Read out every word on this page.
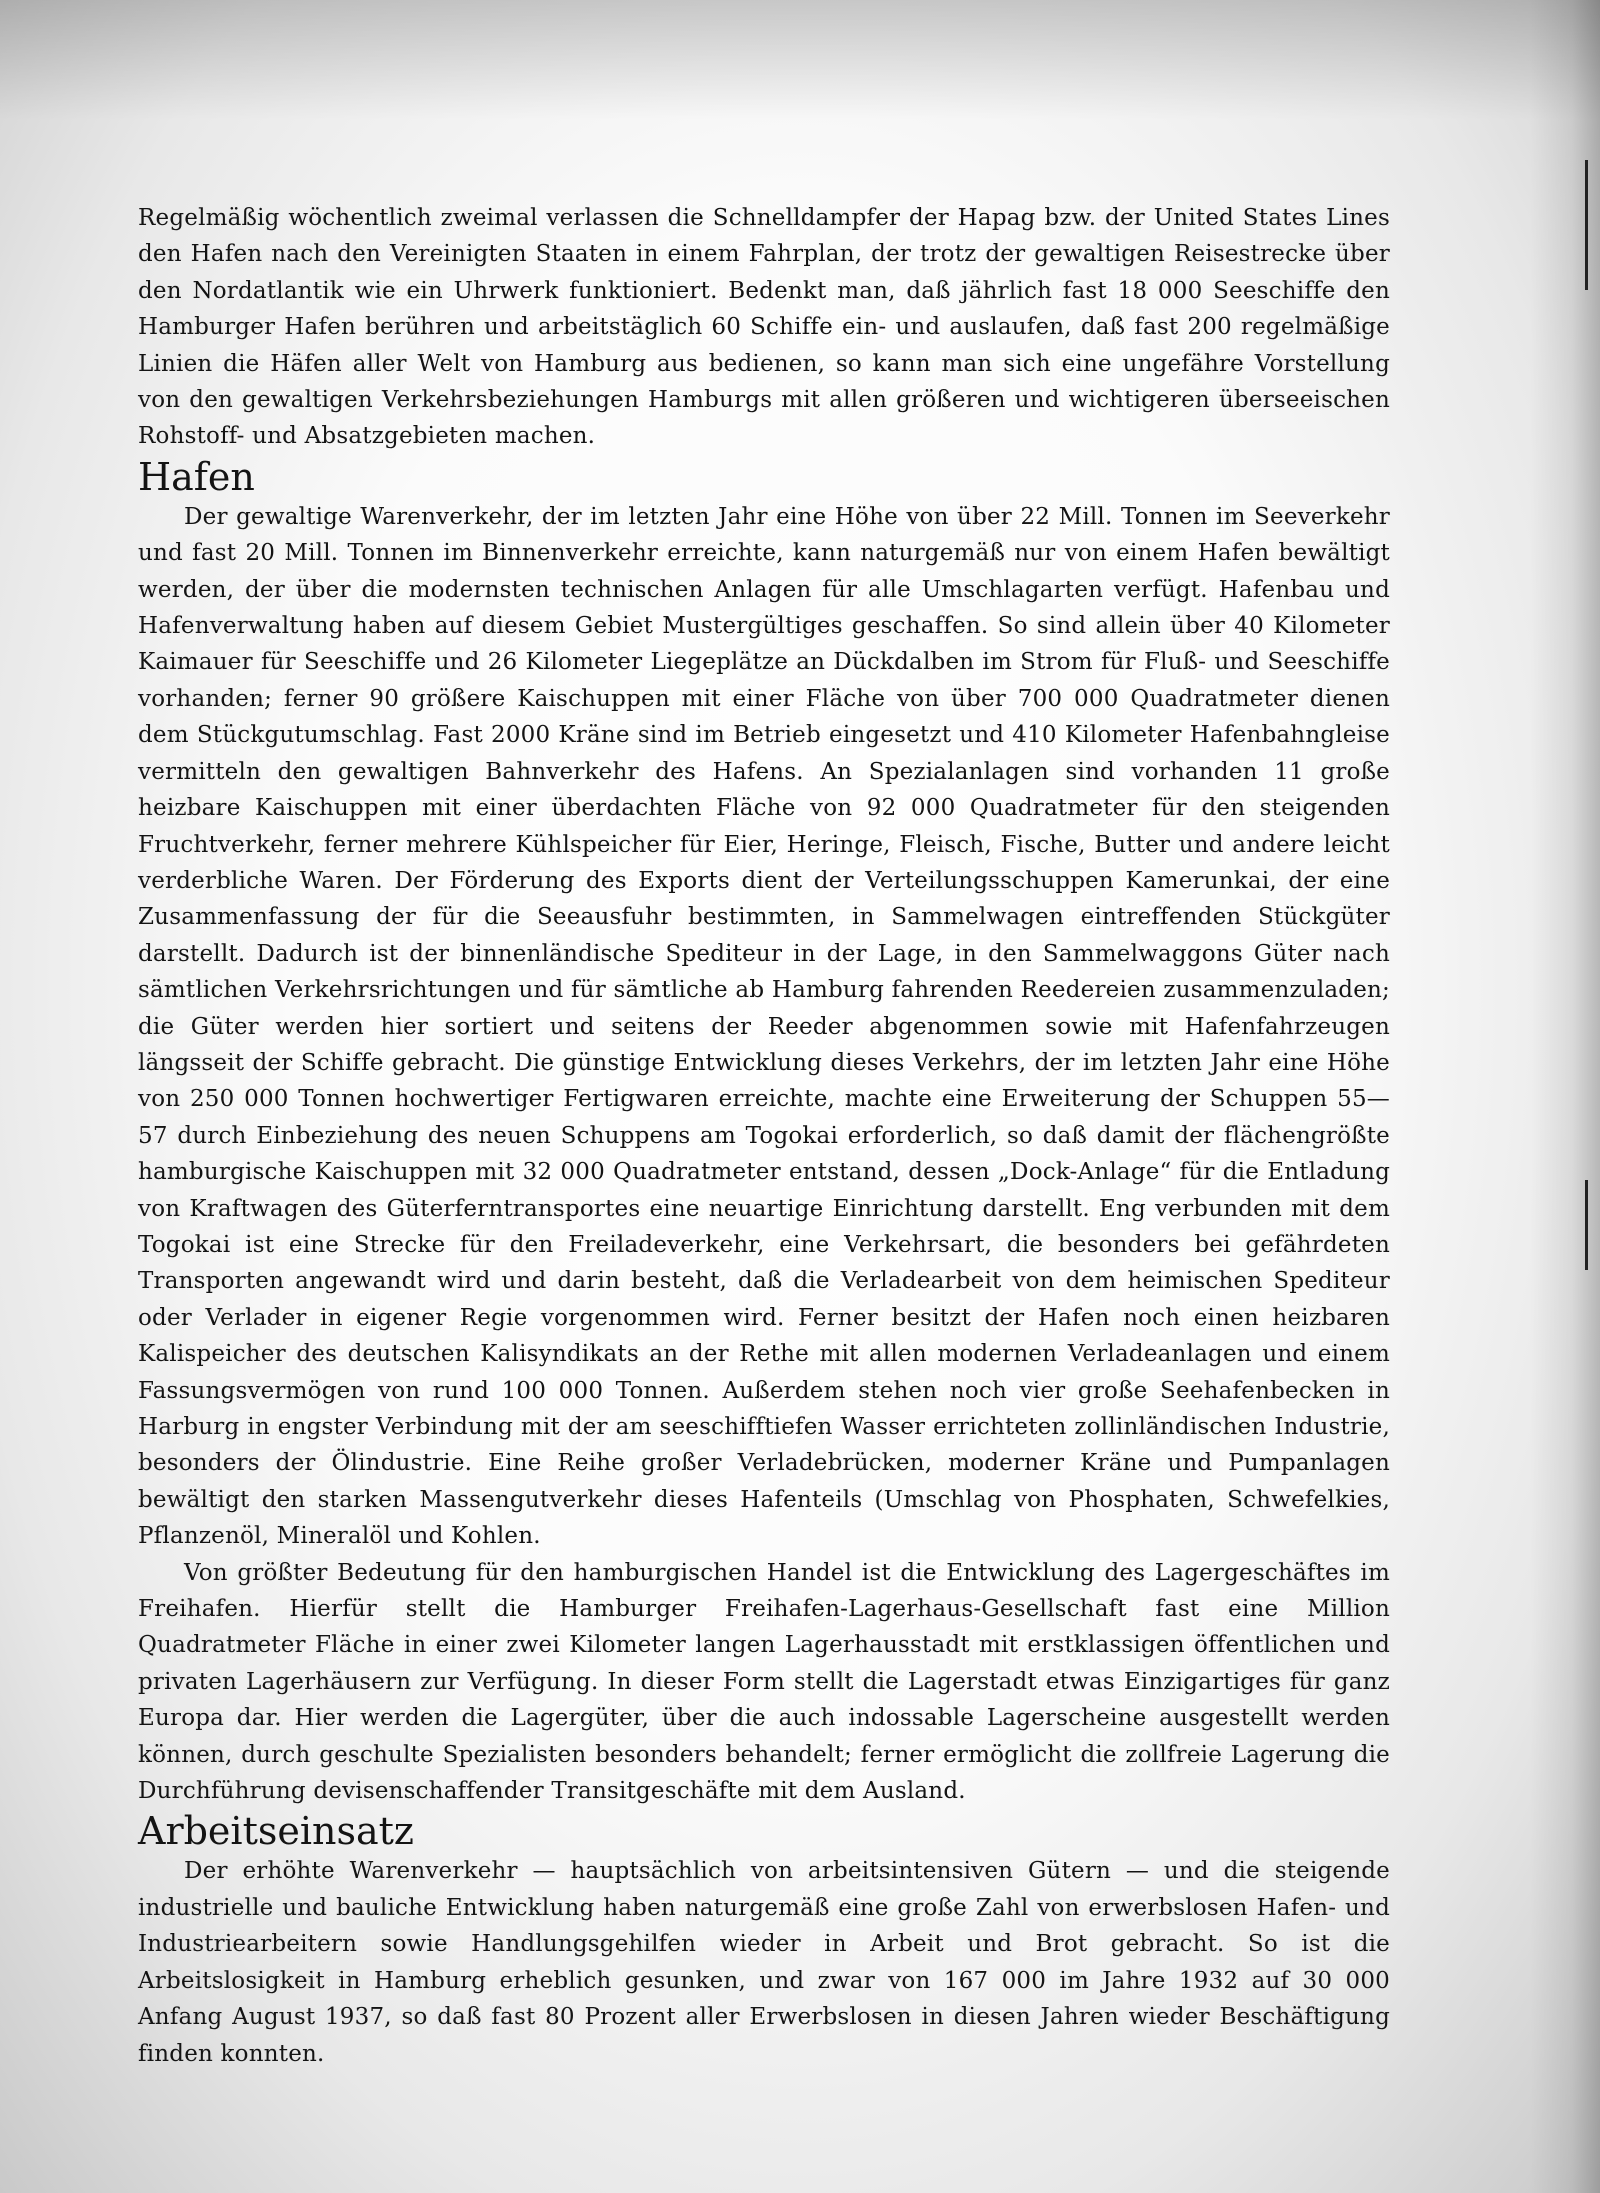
Regelmäßig wöchentlich zweimal verlassen die Schnelldampfer der Hapag bzw. der United States Lines den Hafen nach den Vereinigten Staaten in einem Fahrplan, der trotz der gewaltigen Reisestrecke über den Nordatlantik wie ein Uhrwerk funktioniert. Bedenkt man, daß jährlich fast 18 000 Seeschiffe den Hamburger Hafen berühren und arbeitstäglich 60 Schiffe ein- und auslaufen, daß fast 200 regelmäßige Linien die Häfen aller Welt von Hamburg aus bedienen, so kann man sich eine ungefähre Vorstellung von den gewaltigen Verkehrsbeziehungen Hamburgs mit allen größeren und wichtigeren überseeischen Rohstoff- und Absatzgebieten machen.

Hafen

Der gewaltige Warenverkehr, der im letzten Jahr eine Höhe von über 22 Mill. Tonnen im Seeverkehr und fast 20 Mill. Tonnen im Binnenverkehr erreichte, kann naturgemäß nur von einem Hafen bewältigt werden, der über die modernsten technischen Anlagen für alle Umschlagarten verfügt. Hafenbau und Hafenverwaltung haben auf diesem Gebiet Mustergültiges geschaffen. So sind allein über 40 Kilometer Kaimauer für Seeschiffe und 26 Kilometer Liegeplätze an Dückdalben im Strom für Fluß- und Seeschiffe vorhanden; ferner 90 größere Kaischuppen mit einer Fläche von über 700 000 Quadratmeter dienen dem Stückgutumschlag. Fast 2000 Kräne sind im Betrieb eingesetzt und 410 Kilometer Hafenbahngleise vermitteln den gewaltigen Bahnverkehr des Hafens. An Spezialanlagen sind vorhanden 11 große heizbare Kaischuppen mit einer überdachten Fläche von 92 000 Quadratmeter für den steigenden Fruchtverkehr, ferner mehrere Kühlspeicher für Eier, Heringe, Fleisch, Fische, Butter und andere leicht verderbliche Waren. Der Förderung des Exports dient der Verteilungsschuppen Kamerunkai, der eine Zusammenfassung der für die Seeausfuhr bestimmten, in Sammelwagen eintreffenden Stückgüter darstellt. Dadurch ist der binnenländische Spediteur in der Lage, in den Sammelwaggons Güter nach sämtlichen Verkehrsrichtungen und für sämtliche ab Hamburg fahrenden Reedereien zusammenzuladen; die Güter werden hier sortiert und seitens der Reeder abgenommen sowie mit Hafenfahrzeugen längsseit der Schiffe gebracht. Die günstige Entwicklung dieses Verkehrs, der im letzten Jahr eine Höhe von 250 000 Tonnen hochwertiger Fertigwaren erreichte, machte eine Erweiterung der Schuppen 55—57 durch Einbeziehung des neuen Schuppens am Togokai erforderlich, so daß damit der flächengrößte hamburgische Kaischuppen mit 32 000 Quadratmeter entstand, dessen „Dock-Anlage“ für die Entladung von Kraftwagen des Güterferntransportes eine neuartige Einrichtung darstellt. Eng verbunden mit dem Togokai ist eine Strecke für den Freiladeverkehr, eine Verkehrsart, die besonders bei gefährdeten Transporten angewandt wird und darin besteht, daß die Verladearbeit von dem heimischen Spediteur oder Verlader in eigener Regie vorgenommen wird. Ferner besitzt der Hafen noch einen heizbaren Kalispeicher des deutschen Kalisyndikats an der Rethe mit allen modernen Verladeanlagen und einem Fassungsvermögen von rund 100 000 Tonnen. Außerdem stehen noch vier große Seehafenbecken in Harburg in engster Verbindung mit der am seeschifftiefen Wasser errichteten zollinländischen Industrie, besonders der Ölindustrie. Eine Reihe großer Verladebrücken, moderner Kräne und Pumpanlagen bewältigt den starken Massengutverkehr dieses Hafenteils (Umschlag von Phosphaten, Schwefelkies, Pflanzenöl, Mineralöl und Kohlen.

Von größter Bedeutung für den hamburgischen Handel ist die Entwicklung des Lagergeschäftes im Freihafen. Hierfür stellt die Hamburger Freihafen-Lagerhaus-Gesellschaft fast eine Million Quadratmeter Fläche in einer zwei Kilometer langen Lagerhausstadt mit erstklassigen öffentlichen und privaten Lagerhäusern zur Verfügung. In dieser Form stellt die Lagerstadt etwas Einzigartiges für ganz Europa dar. Hier werden die Lagergüter, über die auch indossable Lagerscheine ausgestellt werden können, durch geschulte Spezialisten besonders behandelt; ferner ermöglicht die zollfreie Lagerung die Durchführung devisenschaffender Transitgeschäfte mit dem Ausland.

Arbeitseinsatz

Der erhöhte Warenverkehr — hauptsächlich von arbeitsintensiven Gütern — und die steigende industrielle und bauliche Entwicklung haben naturgemäß eine große Zahl von erwerbslosen Hafen- und Industriearbeitern sowie Handlungsgehilfen wieder in Arbeit und Brot gebracht. So ist die Arbeitslosigkeit in Hamburg erheblich gesunken, und zwar von 167 000 im Jahre 1932 auf 30 000 Anfang August 1937, so daß fast 80 Prozent aller Erwerbslosen in diesen Jahren wieder Beschäftigung finden konnten.
